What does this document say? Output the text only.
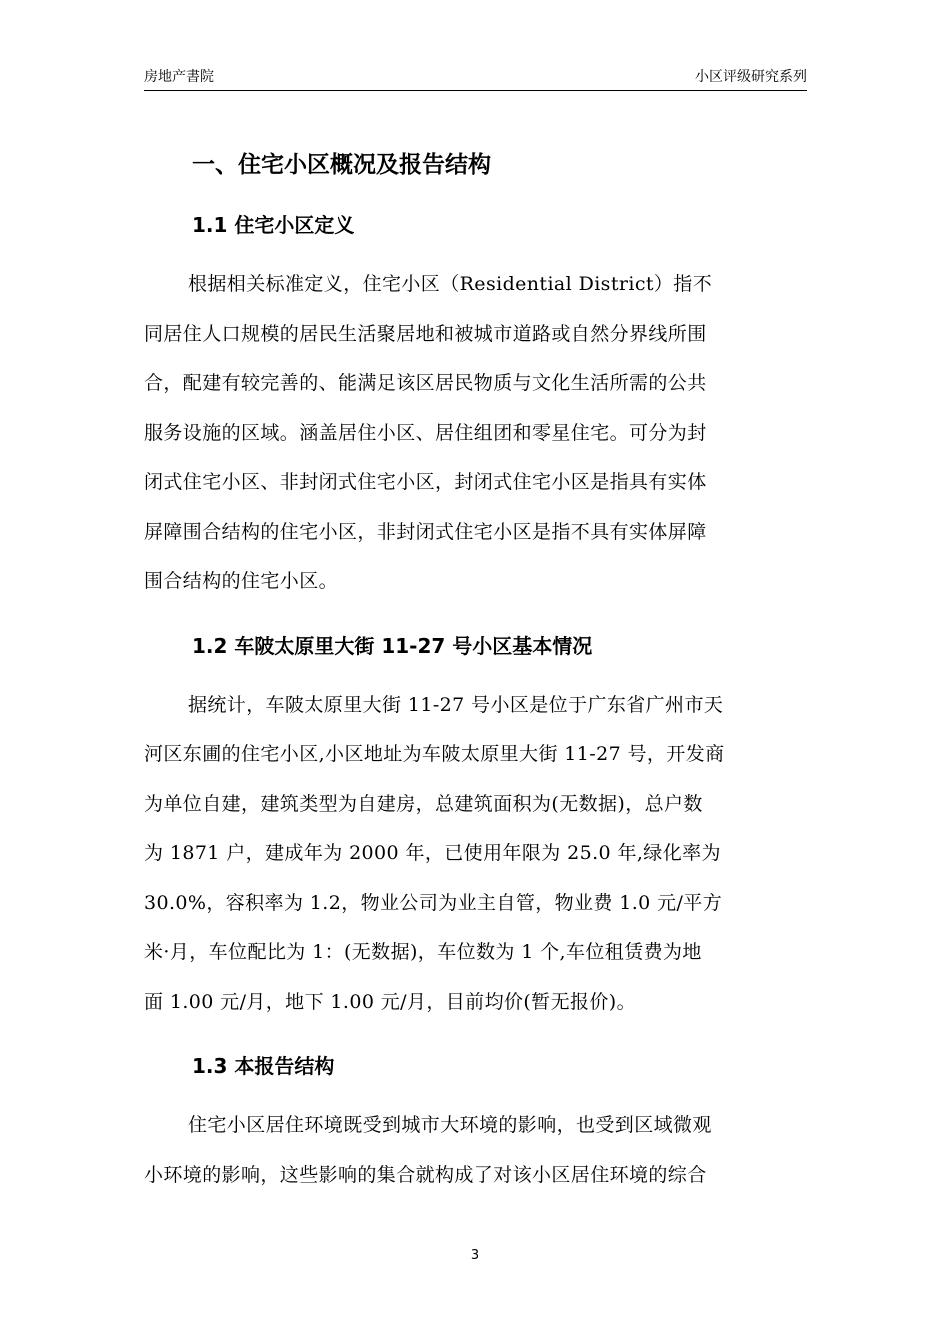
房地产書院	小区评级研究系列
一、住宅小区概况及报告结构
1.1 住宅小区定义
根据相关标准定义，住宅小区（Residential District）指不
同居住人口规模的居民生活聚居地和被城市道路或自然分界线所围
合，配建有较完善的、能满足该区居民物质与文化生活所需的公共
服务设施的区域。涵盖居住小区、居住组团和零星住宅。可分为封
闭式住宅小区、非封闭式住宅小区，封闭式住宅小区是指具有实体
屏障围合结构的住宅小区，非封闭式住宅小区是指不具有实体屏障
围合结构的住宅小区。
1.2 车陂太原里大街 11-27 号小区基本情况
据统计，车陂太原里大街 11-27 号小区是位于广东省广州市天
河区东圃的住宅小区,小区地址为车陂太原里大街 11-27 号，开发商
为单位自建，建筑类型为自建房，总建筑面积为(无数据)，总户数
为 1871 户，建成年为 2000 年，已使用年限为 25.0 年,绿化率为
30.0%，容积率为 1.2，物业公司为业主自管，物业费 1.0 元/平方
米·月，车位配比为 1：(无数据)，车位数为 1 个,车位租赁费为地
面 1.00 元/月，地下 1.00 元/月，目前均价(暂无报价)。
1.3 本报告结构
住宅小区居住环境既受到城市大环境的影响，也受到区域微观
小环境的影响，这些影响的集合就构成了对该小区居住环境的综合
3
